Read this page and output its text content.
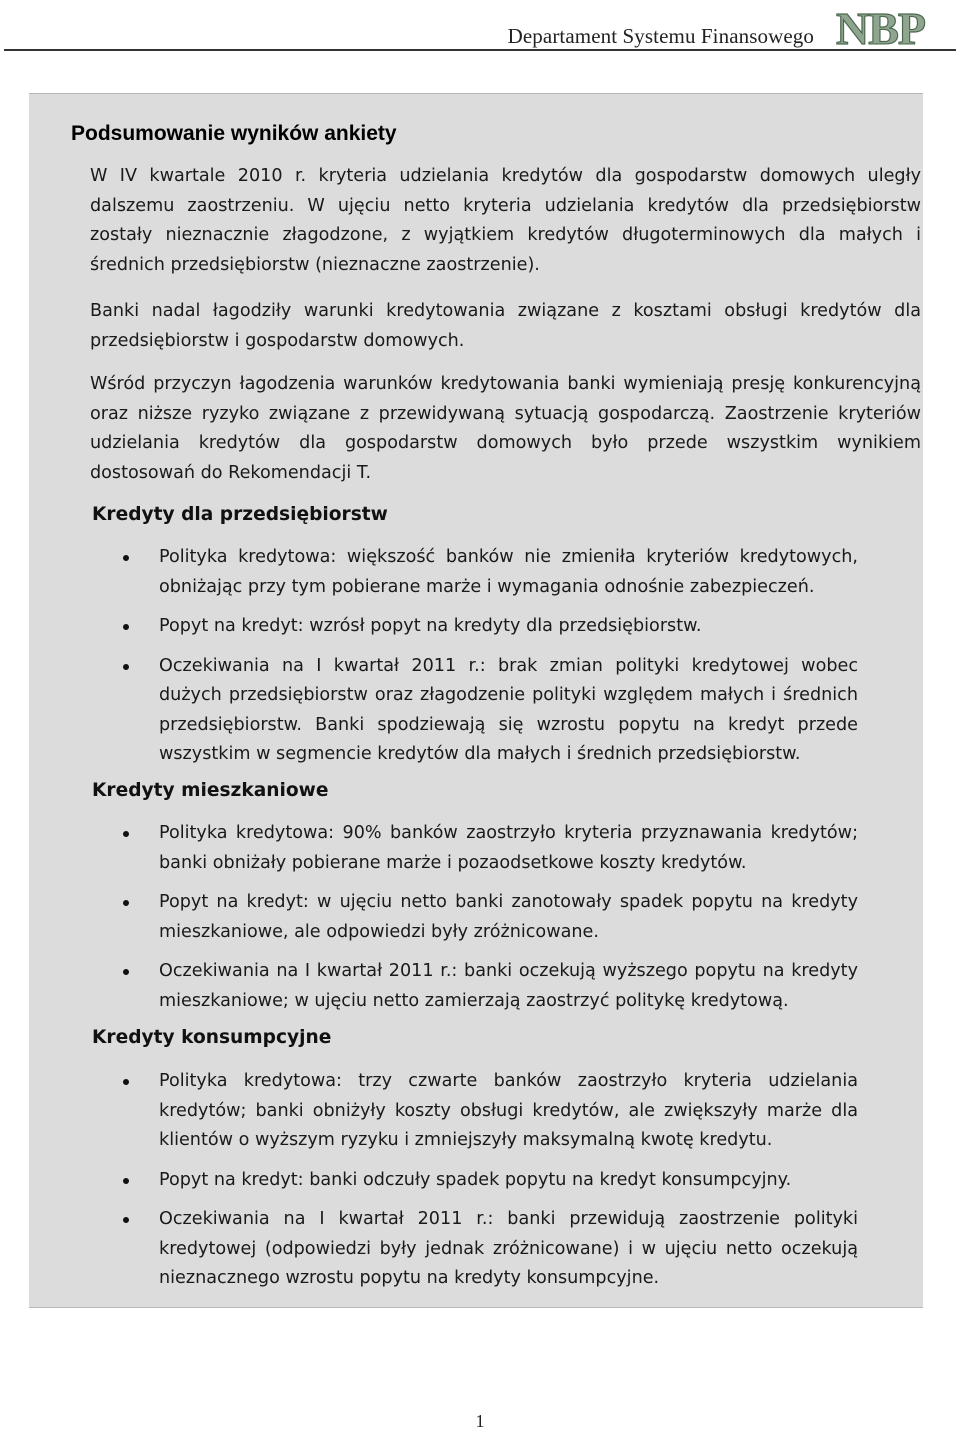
Departament Systemu Finansowego NBP
Podsumowanie wyników ankiety

W IV kwartale 2010 r. kryteria udzielania kredytów dla gospodarstw domowych uległy dalszemu zaostrzeniu. W ujęciu netto kryteria udzielania kredytów dla przedsiębiorstw zostały nieznacznie złagodzone, z wyjątkiem kredytów długoterminowych dla małych i średnich przedsiębiorstw (nieznaczne zaostrzenie).

Banki nadal łagodziły warunki kredytowania związane z kosztami obsługi kredytów dla przedsiębiorstw i gospodarstw domowych.

Wśród przyczyn łagodzenia warunków kredytowania banki wymieniają presję konkurencyjną oraz niższe ryzyko związane z przewidywaną sytuacją gospodarczą. Zaostrzenie kryteriów udzielania kredytów dla gospodarstw domowych było przede wszystkim wynikiem dostosowań do Rekomendacji T.

Kredyty dla przedsiębiorstw
Polityka kredytowa: większość banków nie zmieniła kryteriów kredytowych, obniżając przy tym pobierane marże i wymagania odnośnie zabezpieczeń.
Popyt na kredyt: wzrósł popyt na kredyty dla przedsiębiorstw.
Oczekiwania na I kwartał 2011 r.: brak zmian polityki kredytowej wobec dużych przedsiębiorstw oraz złagodzenie polityki względem małych i średnich przedsiębiorstw. Banki spodziewają się wzrostu popytu na kredyt przede wszystkim w segmencie kredytów dla małych i średnich przedsiębiorstw.
Kredyty mieszkaniowe
Polityka kredytowa: 90% banków zaostrzyło kryteria przyznawania kredytów; banki obniżały pobierane marże i pozaodsetkowe koszty kredytów.
Popyt na kredyt: w ujęciu netto banki zanotowały spadek popytu na kredyty mieszkaniowe, ale odpowiedzi były zróżnicowane.
Oczekiwania na I kwartał 2011 r.: banki oczekują wyższego popytu na kredyty mieszkaniowe; w ujęciu netto zamierzają zaostrzyć politykę kredytową.
Kredyty konsumpcyjne
Polityka kredytowa: trzy czwarte banków zaostrzyło kryteria udzielania kredytów; banki obniżyły koszty obsługi kredytów, ale zwiększyły marże dla klientów o wyższym ryzyku i zmniejszyły maksymalną kwotę kredytu.
Popyt na kredyt: banki odczuły spadek popytu na kredyt konsumpcyjny.
Oczekiwania na I kwartał 2011 r.: banki przewidują zaostrzenie polityki kredytowej (odpowiedzi były jednak zróżnicowane) i w ujęciu netto oczekują nieznacznego wzrostu popytu na kredyty konsumpcyjne.
1
